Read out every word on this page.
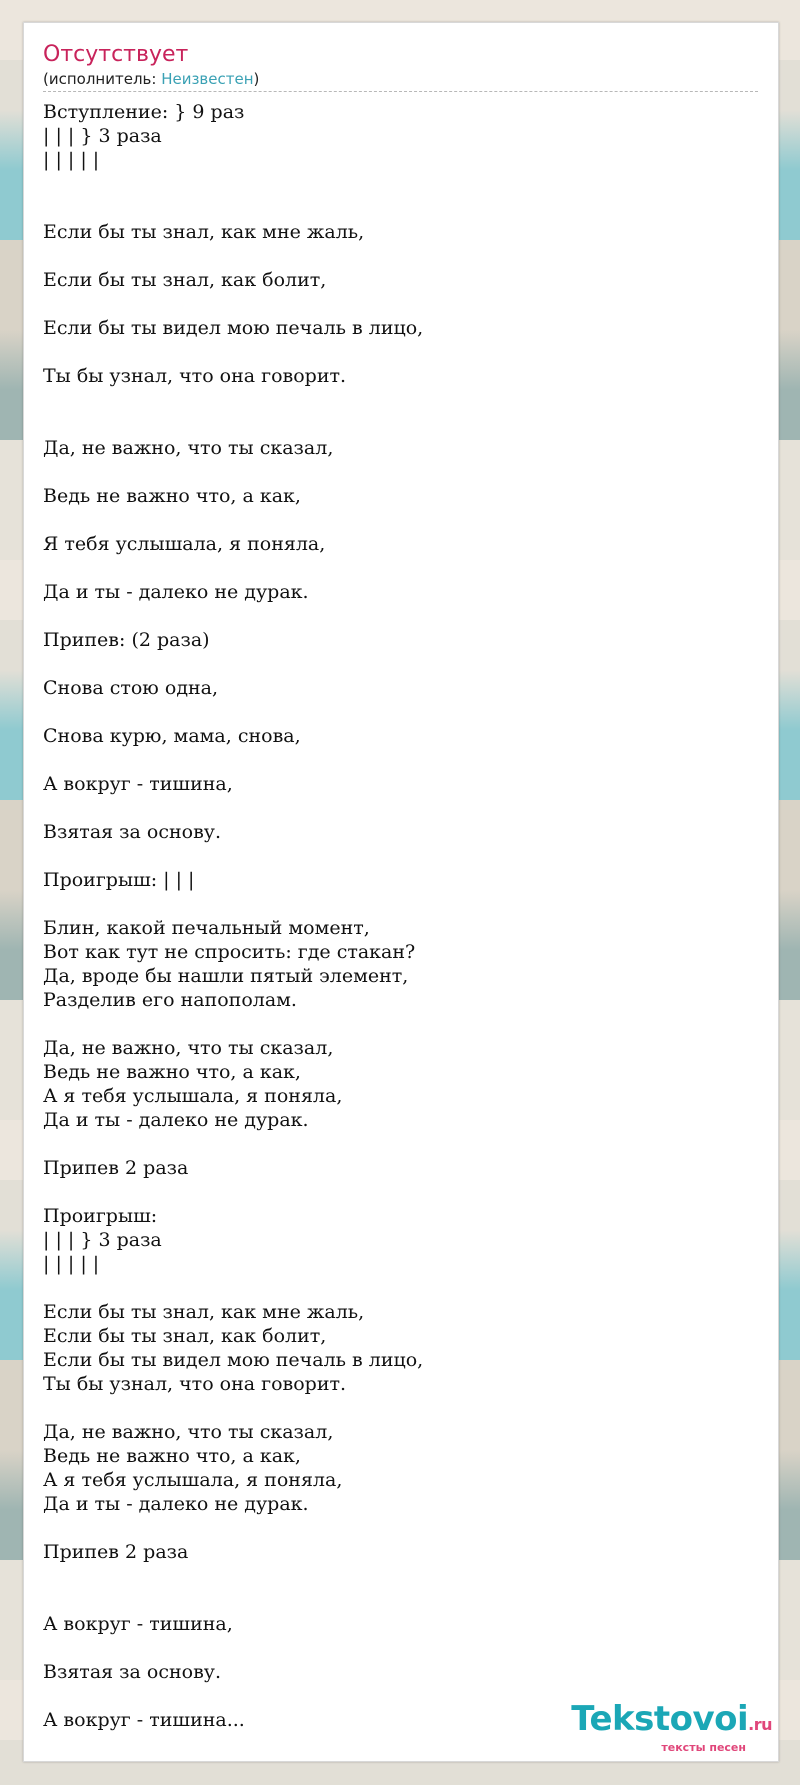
Отсутствует
(исполнитель: Неизвестен)
Вступление: } 9 раз
| | | } 3 раза
| | | | |

Если бы ты знал, как мне жаль,

Если бы ты знал, как болит,

Если бы ты видел мою печаль в лицо,

Ты бы узнал, что она говорит.

Да, не важно, что ты сказал,

Ведь не важно что, а как,

Я тебя услышала, я поняла,

Да и ты - далеко не дурак.

Припев: (2 раза)

Снова стою одна,

Снова курю, мама, снова,

А вокруг - тишина,

Взятая за основу.

Проигрыш: | | |

Блин, какой печальный момент,
Вот как тут не спросить: где стакан?
Да, вроде бы нашли пятый элемент,
Разделив его напополам.

Да, не важно, что ты сказал,
Ведь не важно что, а как,
А я тебя услышала, я поняла,
Да и ты - далеко не дурак.

Припев 2 раза

Проигрыш:
| | | } 3 раза
| | | | |

Если бы ты знал, как мне жаль,
Если бы ты знал, как болит,
Если бы ты видел мою печаль в лицо,
Ты бы узнал, что она говорит.

Да, не важно, что ты сказал,
Ведь не важно что, а как,
А я тебя услышала, я поняла,
Да и ты - далеко не дурак.

Припев 2 раза

А вокруг - тишина,

Взятая за основу.

А вокруг - тишина...	Tekstovoi.ru
тексты песен
